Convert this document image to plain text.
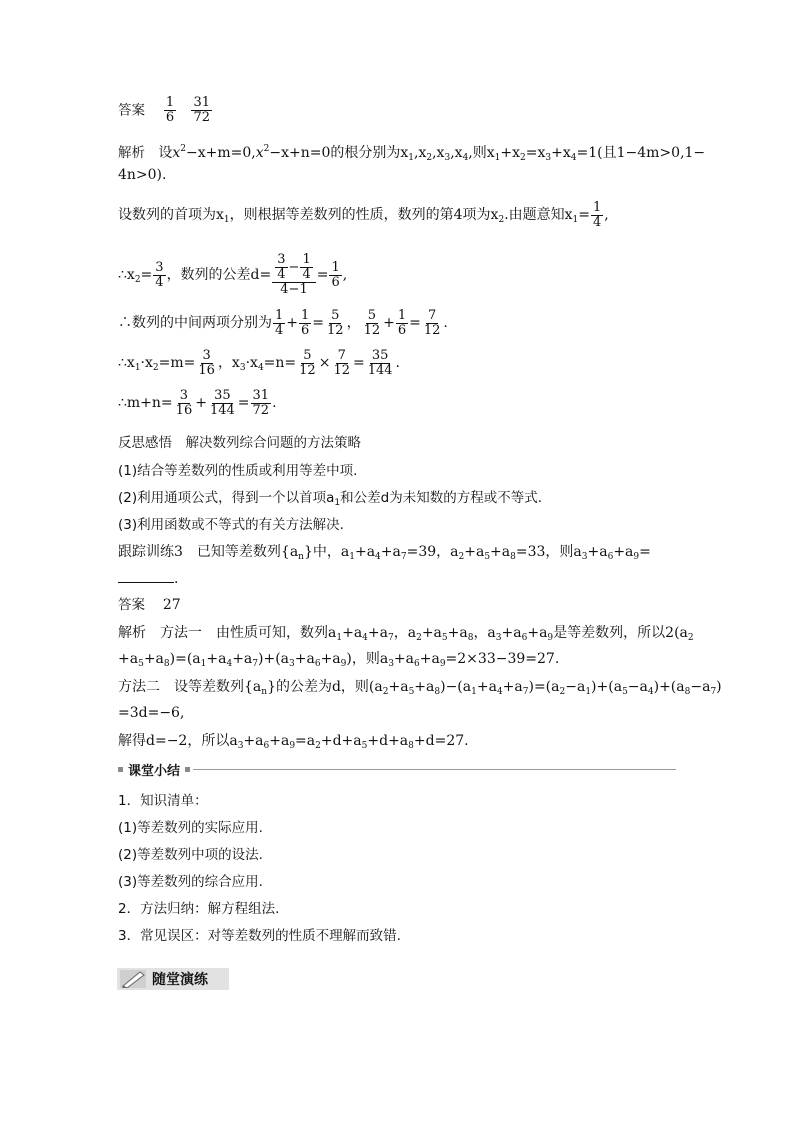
答案 $\frac{1}{6}$
$\frac{31}{72}$
解析 设$x^2-x+m=0,x^2-x+n=0$的根分别为$x_1,x_2,x_3,x_4$,则$x_1+x_2=x_3+x_4=1$(且1−4m>0,1−
4n>0).
设数列的首项为$x_1$，则根据等差数列的性质，数列的第4项为$x_2$.由题意知$x_1= \frac{1}{4}$ ,
$\therefore x_2= \frac{3}{4}$ ，数列的公差$d= \frac{\frac{3}{4} - \frac{1}{4}}{4-1} = \frac{1}{6}$ ,
∴数列的中间两项分别为 $\frac{1}{4} + \frac{1}{6} = \frac{5}{12}$ ， $\frac{5}{12} + \frac{1}{6} = \frac{7}{12}$ .
$\therefore x_1\cdot x_2=m= \frac{3}{16}$ ，$x_3\cdot x_4=n= \frac{5}{12} \times \frac{7}{12} = \frac{35}{144}$ .
∴m+n= $\frac{3}{16} + \frac{35}{144} = \frac{31}{72}$ .
反思感悟　解决数列综合问题的方法策略
(1)结合等差数列的性质或利用等差中项.
(2)利用通项公式，得到一个以首项$a_1$和公差d为未知数的方程或不等式.
(3)利用函数或不等式的有关方法解决.
跟踪训练3　已知等差数列$\{a_n\}$中，$a_1+a_4+a_7=39$，$a_2+a_5+a_8=33$，则$a_3+a_6+a_9=$
.
答案 27
解析　方法一　由性质可知，数列$a_1+a_4+a_7$，$a_2+a_5+a_8$，$a_3+a_6+a_9$是等差数列，所以$2(a_2$
$+a_5+a_8)=(a_1+a_4+a_7)+(a_3+a_6+a_9)$，则$a_3+a_6+a_9=2\times 33-39=27$.
方法二　设等差数列$\{a_n\}$的公差为d，则$(a_2+a_5+a_8)-(a_1+a_4+a_7)=(a_2-a_1)+(a_5-a_4)+(a_8-a_7)$
=3d=−6,
解得d=−2，所以$a_3+a_6+a_9=a_2+d+a_5+d+a_8+d=27$.
课堂小结
1．知识清单：
(1)等差数列的实际应用.
(2)等差数列中项的设法.
(3)等差数列的综合应用.
2．方法归纳：解方程组法.
3．常见误区：对等差数列的性质不理解而致错.
随堂演练
